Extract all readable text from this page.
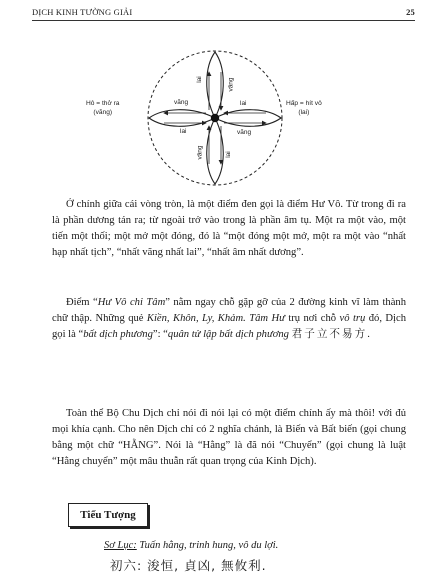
DỊCH KINH TƯỜNG GIẢI	25
lai	vãng
vãng
lai
lai
vãng
vãng	lai
Hô = thở ra
(vãng)
Hấp = hít vô
(lai)

Ở chính giữa cái vòng tròn, là một điểm đen gọi là điểm Hư Vô. Từ trong đi ra là phần dương tán ra; từ ngoài trở vào trong là phần âm tụ. Một ra một vào, một tiến một thối; một mở một đóng, đó là “một đóng một mở, một ra một vào “nhất hạp nhất tịch”, “nhất vãng nhất lai”, “nhất âm nhất dương”.

Điểm “Hư Vô chi Tâm” nằm ngay chỗ gặp gỡ của 2 đường kinh vĩ làm thành chữ thập. Những quẻ Kiền, Khôn, Ly, Khảm. Tâm Hư trụ nơi chỗ vô trụ đó, Dịch gọi là “bất dịch phương”: “quân tử lập bất dịch phương 君子立不易方.

Toàn thể Bộ Chu Dịch chỉ nói đi nói lại có một điểm chính ấy mà thôi! với đủ mọi khía cạnh. Cho nên Dịch chỉ có 2 nghĩa chánh, là Biến và Bất biến (gọi chung bằng một chữ “HẰNG”. Nói là “Hằng” là đã nói “Chuyển” (gọi chung là luật “Hằng chuyển” một mâu thuẫn rất quan trọng của Kinh Dịch).

Tiểu Tượng
Sơ Lục: Tuấn hằng, trinh hung, vô du lợi.
初六: 浚恒, 貞凶, 無攸利.
